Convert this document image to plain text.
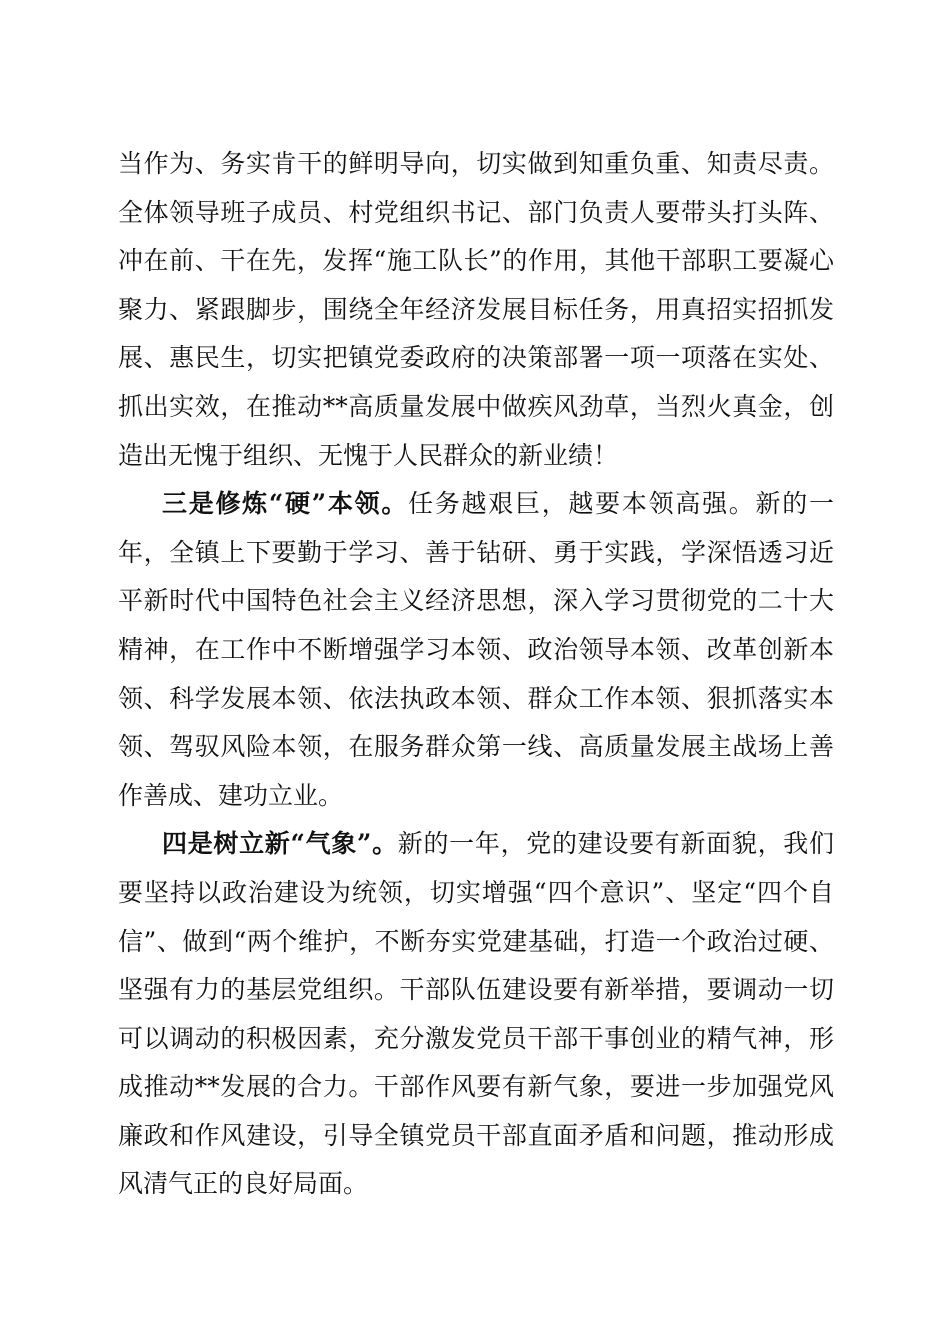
当作为、务实肯干的鲜明导向，切实做到知重负重、知责尽责。全体领导班子成员、村党组织书记、部门负责人要带头打头阵、冲在前、干在先，发挥“施工队长”的作用，其他干部职工要凝心聚力、紧跟脚步，围绕全年经济发展目标任务，用真招实招抓发展、惠民生，切实把镇党委政府的决策部署一项一项落在实处、抓出实效，在推动**高质量发展中做疾风劲草，当烈火真金，创造出无愧于组织、无愧于人民群众的新业绩！

三是修炼“硬”本领。任务越艰巨，越要本领高强。新的一年，全镇上下要勤于学习、善于钻研、勇于实践，学深悟透习近平新时代中国特色社会主义经济思想，深入学习贯彻党的二十大精神，在工作中不断增强学习本领、政治领导本领、改革创新本领、科学发展本领、依法执政本领、群众工作本领、狠抓落实本领、驾驭风险本领，在服务群众第一线、高质量发展主战场上善作善成、建功立业。

四是树立新“气象”。新的一年，党的建设要有新面貌，我们要坚持以政治建设为统领，切实增强“四个意识”、坚定“四个自信”、做到“两个维护，不断夯实党建基础，打造一个政治过硬、坚强有力的基层党组织。干部队伍建设要有新举措，要调动一切可以调动的积极因素，充分激发党员干部干事创业的精气神，形成推动**发展的合力。干部作风要有新气象，要进一步加强党风廉政和作风建设，引导全镇党员干部直面矛盾和问题，推动形成风清气正的良好局面。
